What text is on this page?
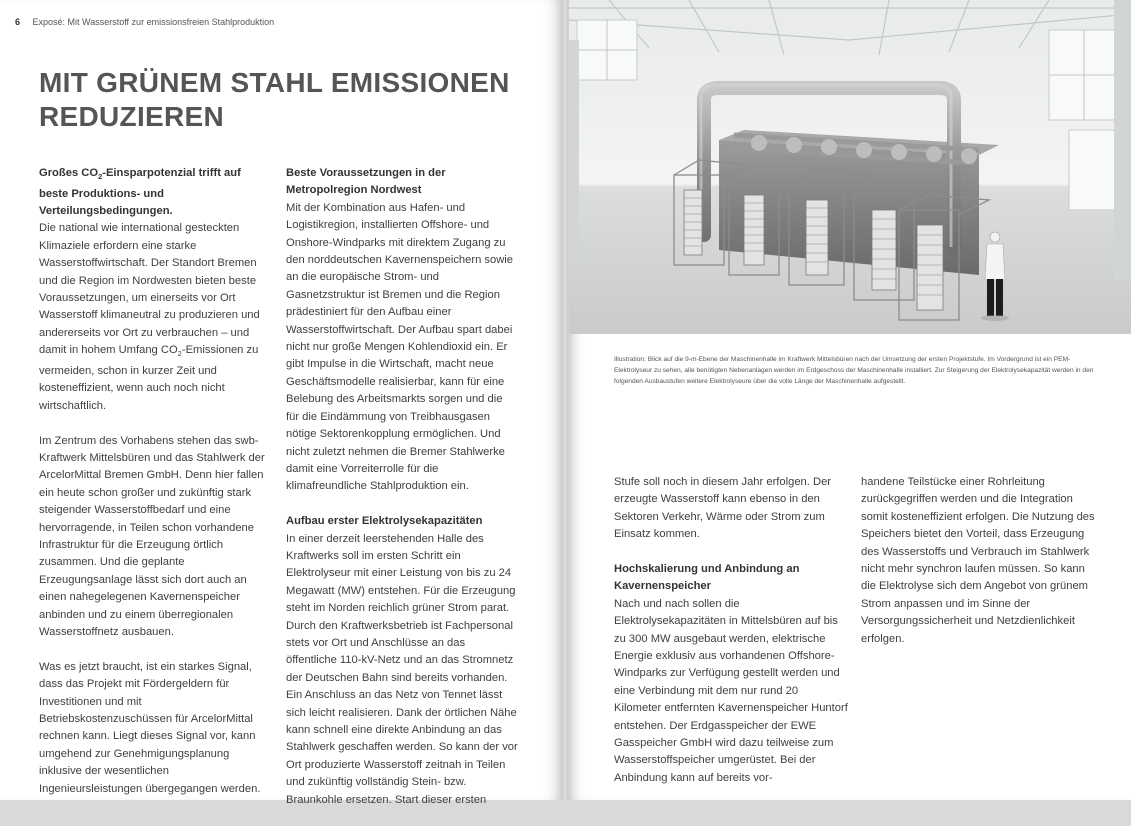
6 Exposé: Mit Wasserstoff zur emissionsfreien Stahlproduktion
MIT GRÜNEM STAHL EMISSIONEN
REDUZIEREN
Großes $CO_2$-Einsparpotenzial trifft auf beste Produktions- und Verteilungsbedingungen.

Die national wie international gesteckten Klimaziele erfordern eine starke Wasserstoffwirtschaft. Der Standort Bremen und die Region im Nordwesten bieten beste Voraussetzungen, um einerseits vor Ort Wasserstoff klimaneutral zu produzieren und andererseits vor Ort zu verbrauchen – und damit in hohem Umfang $CO_2$-Emissionen zu vermeiden, schon in kurzer Zeit und kosteneffizient, wenn auch noch nicht wirtschaftlich.

Im Zentrum des Vorhabens stehen das swb-Kraftwerk Mittelsbüren und das Stahlwerk der ArcelorMittal Bremen GmbH. Denn hier fallen ein heute schon großer und zukünftig stark steigender Wasserstoffbedarf und eine hervorragende, in Teilen schon vorhandene Infrastruktur für die Erzeugung örtlich zusammen. Und die geplante Erzeugungsanlage lässt sich dort auch an einen nahegelegenen Kavernenspeicher anbinden und zu einem überregionalen Wasserstoffnetz ausbauen.

Was es jetzt braucht, ist ein starkes Signal, dass das Projekt mit Fördergeldern für Investitionen und mit Betriebskostenzuschüssen für ArcelorMittal rechnen kann. Liegt dieses Signal vor, kann umgehend zur Genehmigungsplanung inklusive der wesentlichen Ingenieursleistungen übergegangen werden.

Beste Voraussetzungen in der Metropolregion Nordwest

Mit der Kombination aus Hafen- und Logistikregion, installierten Offshore- und Onshore-Windparks mit direktem Zugang zu den norddeutschen Kavernenspeichern sowie an die europäische Strom- und Gasnetzstruktur ist Bremen und die Region prädestiniert für den Aufbau einer Wasserstoffwirtschaft. Der Aufbau spart dabei nicht nur große Mengen Kohlendioxid ein. Er gibt Impulse in die Wirtschaft, macht neue Geschäftsmodelle realisierbar, kann für eine Belebung des Arbeitsmarkts sorgen und die für die Eindämmung von Treibhausgasen nötige Sektorenkopplung ermöglichen. Und nicht zuletzt nehmen die Bremer Stahlwerke damit eine Vorreiterrolle für die klimafreundliche Stahlproduktion ein.

Aufbau erster Elektrolysekapazitäten

In einer derzeit leerstehenden Halle des Kraftwerks soll im ersten Schritt ein Elektrolyseur mit einer Leistung von bis zu 24 Megawatt (MW) entstehen. Für die Erzeugung steht im Norden reichlich grüner Strom parat. Durch den Kraftwerksbetrieb ist Fachpersonal stets vor Ort und Anschlüsse an das öffentliche 110-kV-Netz und an das Stromnetz der Deutschen Bahn sind bereits vorhanden. Ein Anschluss an das Netz von Tennet lässt sich leicht realisieren. Dank der örtlichen Nähe kann schnell eine direkte Anbindung an das Stahlwerk geschaffen werden. So kann der vor Ort produzierte Wasserstoff zeitnah in Teilen und zukünftig vollständig Stein- bzw. Braunkohle ersetzen. Start dieser ersten

Illustration: Blick auf die 9-m-Ebene der Maschinenhalle im Kraftwerk Mittelsbüren nach der Umsetzung der ersten Projektstufe. Im Vordergrund ist ein PEM-Elektrolyseur zu sehen, alle benötigten Nebenanlagen werden im Erdgeschoss der Maschinenhalle installiert. Zur Steigerung der Elektrolysekapazität werden in den folgenden Ausbaustufen weitere Elektrolyseure über die volle Länge der Maschinenhalle aufgestellt.

Stufe soll noch in diesem Jahr erfolgen. Der erzeugte Wasserstoff kann ebenso in den Sektoren Verkehr, Wärme oder Strom zum Einsatz kommen.

Hochskalierung und Anbindung an Kavernenspeicher

Nach und nach sollen die Elektrolysekapazitäten in Mittelsbüren auf bis zu 300 MW ausgebaut werden, elektrische Energie exklusiv aus vorhandenen Offshore-Windparks zur Verfügung gestellt werden und eine Verbindung mit dem nur rund 20 Kilometer entfernten Kavernenspeicher Huntorf entstehen. Der Erdgasspeicher der EWE Gasspeicher GmbH wird dazu teilweise zum Wasserstoffspeicher umgerüstet. Bei der Anbindung kann auf bereits vor-

handene Teilstücke einer Rohrleitung zurückgegriffen werden und die Integration somit kosteneffizient erfolgen. Die Nutzung des Speichers bietet den Vorteil, dass Erzeugung des Wasserstoffs und Verbrauch im Stahlwerk nicht mehr synchron laufen müssen. So kann die Elektrolyse sich dem Angebot von grünem Strom anpassen und im Sinne der Versorgungssicherheit und Netzdienlichkeit erfolgen.
